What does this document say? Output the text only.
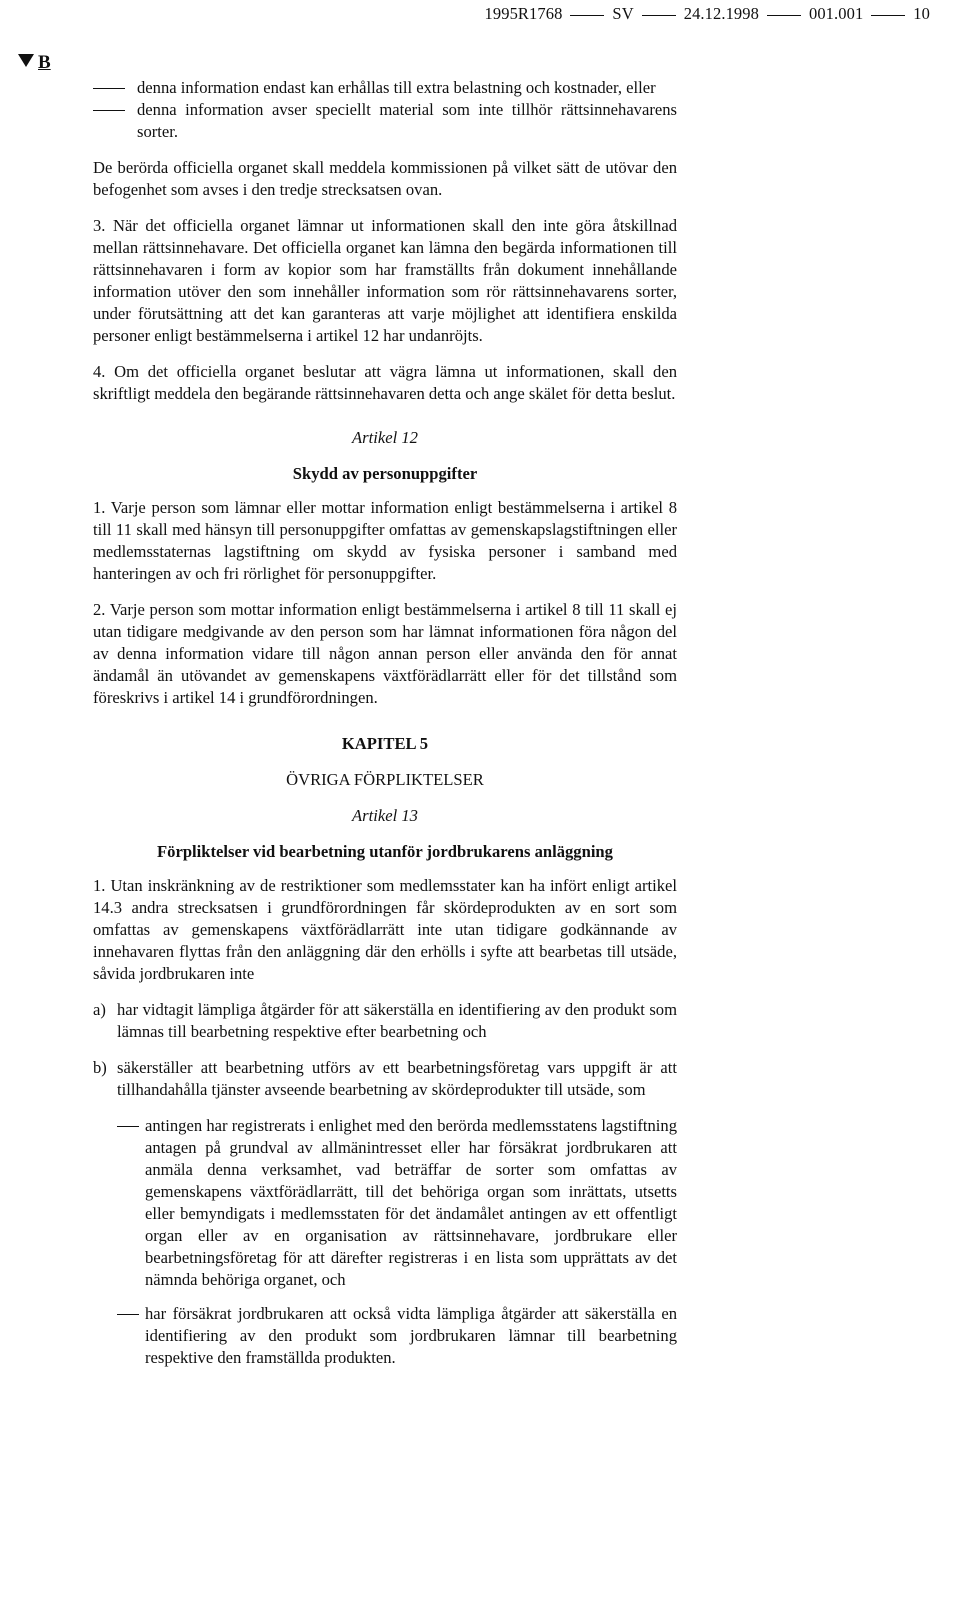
1995R1768	SV	24.12.1998	001.001	10
B
denna information endast kan erhållas till extra belastning och kostnader, eller
denna information avser speciellt material som inte tillhör rättsinnehavarens sorter.

De berörda officiella organet skall meddela kommissionen på vilket sätt de utövar den befogenhet som avses i den tredje strecksatsen ovan.

3. När det officiella organet lämnar ut informationen skall den inte göra åtskillnad mellan rättsinnehavare. Det officiella organet kan lämna den begärda informationen till rättsinnehavaren i form av kopior som har framställts från dokument innehållande information utöver den som innehåller information som rör rättsinnehavarens sorter, under förutsättning att det kan garanteras att varje möjlighet att identifiera enskilda personer enligt bestämmelserna i artikel 12 har undanröjts.

4. Om det officiella organet beslutar att vägra lämna ut informationen, skall den skriftligt meddela den begärande rättsinnehavaren detta och ange skälet för detta beslut.

Artikel 12
Skydd av personuppgifter

1. Varje person som lämnar eller mottar information enligt bestämmelserna i artikel 8 till 11 skall med hänsyn till personuppgifter omfattas av gemenskapslagstiftningen eller medlemsstaternas lagstiftning om skydd av fysiska personer i samband med hanteringen av och fri rörlighet för personuppgifter.

2. Varje person som mottar information enligt bestämmelserna i artikel 8 till 11 skall ej utan tidigare medgivande av den person som har lämnat informationen föra någon del av denna information vidare till någon annan person eller använda den för annat ändamål än utövandet av gemenskapens växtförädlarrätt eller för det tillstånd som föreskrivs i artikel 14 i grundförordningen.

KAPITEL 5
ÖVRIGA FÖRPLIKTELSER
Artikel 13
Förpliktelser vid bearbetning utanför jordbrukarens anläggning

1. Utan inskränkning av de restriktioner som medlemsstater kan ha infört enligt artikel 14.3 andra strecksatsen i grundförordningen får skördeprodukten av en sort som omfattas av gemenskapens växtförädlarrätt inte utan tidigare godkännande av innehavaren flyttas från den anläggning där den erhölls i syfte att bearbetas till utsäde, såvida jordbrukaren inte

a) har vidtagit lämpliga åtgärder för att säkerställa en identifiering av den produkt som lämnas till bearbetning respektive efter bearbetning och
b) säkerställer att bearbetning utförs av ett bearbetningsföretag vars uppgift är att tillhandahålla tjänster avseende bearbetning av skördeprodukter till utsäde, som
antingen har registrerats i enlighet med den berörda medlemsstatens lagstiftning antagen på grundval av allmänintresset eller har försäkrat jordbrukaren att anmäla denna verksamhet, vad beträffar de sorter som omfattas av gemenskapens växtförädlarrätt, till det behöriga organ som inrättats, utsetts eller bemyndigats i medlemsstaten för det ändamålet antingen av ett offentligt organ eller av en organisation av rättsinnehavare, jordbrukare eller bearbetningsföretag för att därefter registreras i en lista som upprättats av det nämnda behöriga organet, och
har försäkrat jordbrukaren att också vidta lämpliga åtgärder att säkerställa en identifiering av den produkt som jordbrukaren lämnar till bearbetning respektive den framställda produkten.
